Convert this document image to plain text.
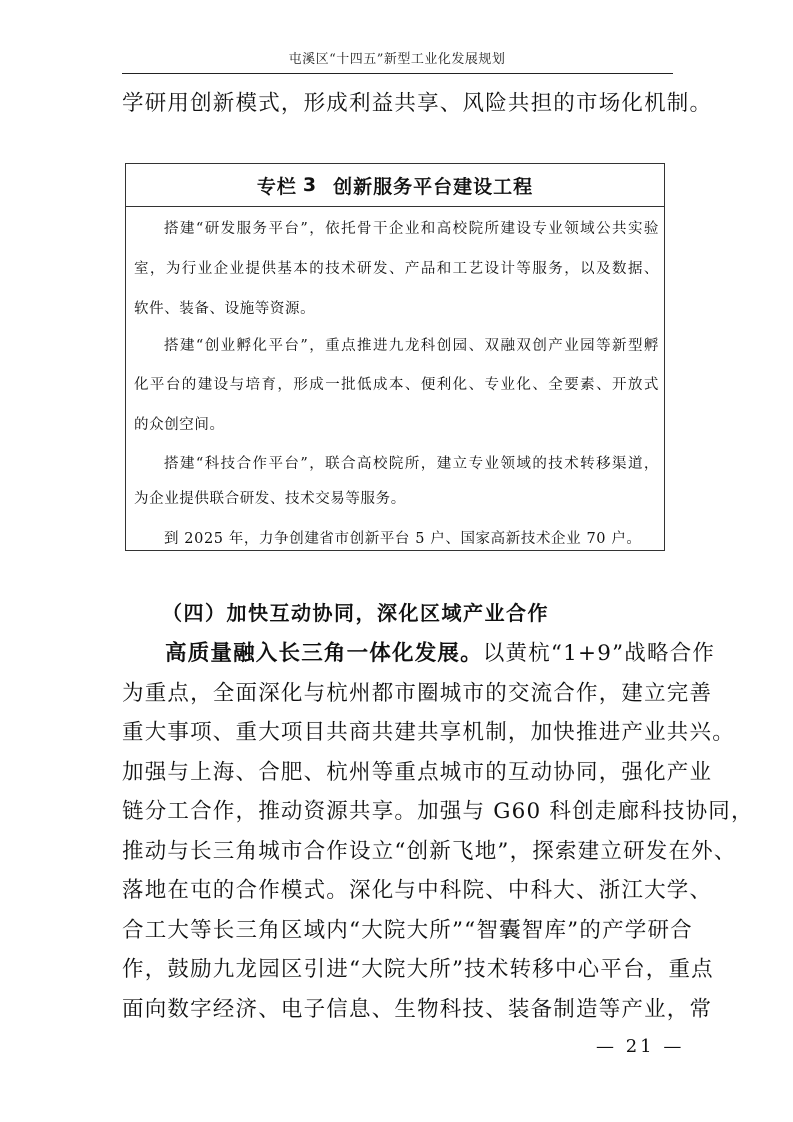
屯溪区“十四五”新型工业化发展规划
学研用创新模式，形成利益共享、风险共担的市场化机制。
专栏 3 创新服务平台建设工程
搭建“研发服务平台”，依托骨干企业和高校院所建设专业领域公共实验
室，为行业企业提供基本的技术研发、产品和工艺设计等服务，以及数据、
软件、装备、设施等资源。
搭建“创业孵化平台”，重点推进九龙科创园、双融双创产业园等新型孵
化平台的建设与培育，形成一批低成本、便利化、专业化、全要素、开放式
的众创空间。
搭建“科技合作平台”，联合高校院所，建立专业领域的技术转移渠道，
为企业提供联合研发、技术交易等服务。
到 2025 年，力争创建省市创新平台 5 户、国家高新技术企业 70 户。
（四）加快互动协同，深化区域产业合作
高质量融入长三角一体化发展。以黄杭“1+9”战略合作
为重点，全面深化与杭州都市圈城市的交流合作，建立完善
重大事项、重大项目共商共建共享机制，加快推进产业共兴。
加强与上海、合肥、杭州等重点城市的互动协同，强化产业
链分工合作，推动资源共享。加强与 G60 科创走廊科技协同，
推动与长三角城市合作设立“创新飞地”，探索建立研发在外、
落地在屯的合作模式。深化与中科院、中科大、浙江大学、
合工大等长三角区域内“大院大所”“智囊智库”的产学研合
作，鼓励九龙园区引进“大院大所”技术转移中心平台，重点
面向数字经济、电子信息、生物科技、装备制造等产业，常
— 21 —
